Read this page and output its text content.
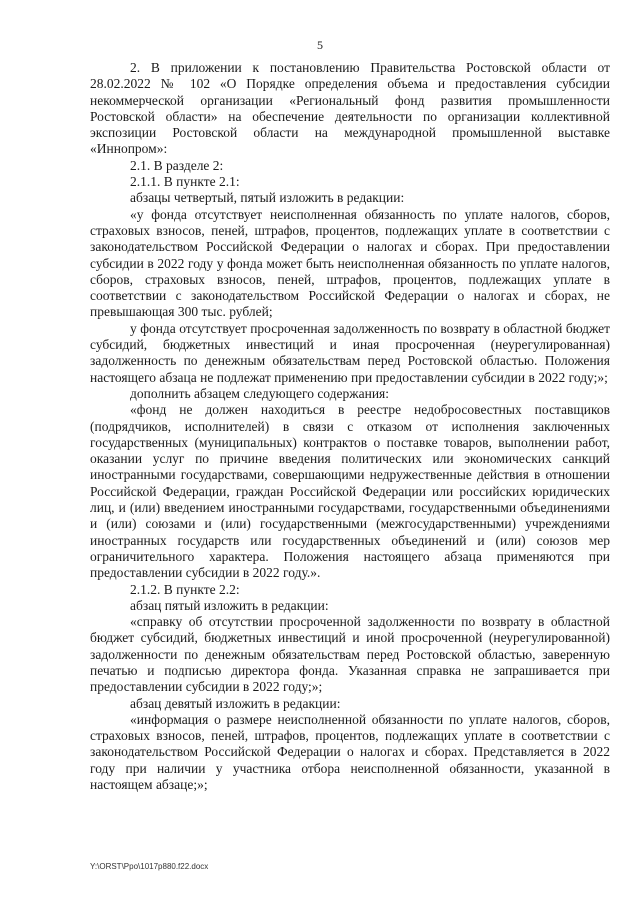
5

2. В приложении к постановлению Правительства Ростовской области от 28.02.2022 № 102 «О Порядке определения объема и предоставления субсидии некоммерческой организации «Региональный фонд развития промышленности Ростовской области» на обеспечение деятельности по организации коллективной экспозиции Ростовской области на международной промышленной выставке «Иннопром»:

2.1. В разделе 2:

2.1.1. В пункте 2.1:

абзацы четвертый, пятый изложить в редакции:

«у фонда отсутствует неисполненная обязанность по уплате налогов, сборов, страховых взносов, пеней, штрафов, процентов, подлежащих уплате в соответствии с законодательством Российской Федерации о налогах и сборах. При предоставлении субсидии в 2022 году у фонда может быть неисполненная обязанность по уплате налогов, сборов, страховых взносов, пеней, штрафов, процентов, подлежащих уплате в соответствии с законодательством Российской Федерации о налогах и сборах, не превышающая 300 тыс. рублей;

у фонда отсутствует просроченная задолженность по возврату в областной бюджет субсидий, бюджетных инвестиций и иная просроченная (неурегулированная) задолженность по денежным обязательствам перед Ростовской областью. Положения настоящего абзаца не подлежат применению при предоставлении субсидии в 2022 году;»;

дополнить абзацем следующего содержания:

«фонд не должен находиться в реестре недобросовестных поставщиков (подрядчиков, исполнителей) в связи с отказом от исполнения заключенных государственных (муниципальных) контрактов о поставке товаров, выполнении работ, оказании услуг по причине введения политических или экономических санкций иностранными государствами, совершающими недружественные действия в отношении Российской Федерации, граждан Российской Федерации или российских юридических лиц, и (или) введением иностранными государствами, государственными объединениями и (или) союзами и (или) государственными (межгосударственными) учреждениями иностранных государств или государственных объединений и (или) союзов мер ограничительного характера. Положения настоящего абзаца применяются при предоставлении субсидии в 2022 году.».

2.1.2. В пункте 2.2:

абзац пятый изложить в редакции:

«справку об отсутствии просроченной задолженности по возврату в областной бюджет субсидий, бюджетных инвестиций и иной просроченной (неурегулированной) задолженности по денежным обязательствам перед Ростовской областью, заверенную печатью и подписью директора фонда. Указанная справка не запрашивается при предоставлении субсидии в 2022 году;»;

абзац девятый изложить в редакции:

«информация о размере неисполненной обязанности по уплате налогов, сборов, страховых взносов, пеней, штрафов, процентов, подлежащих уплате в соответствии с законодательством Российской Федерации о налогах и сборах. Представляется в 2022 году при наличии у участника отбора неисполненной обязанности, указанной в настоящем абзаце;»;

Y:\ORST\Ppo\1017p880.f22.docx
